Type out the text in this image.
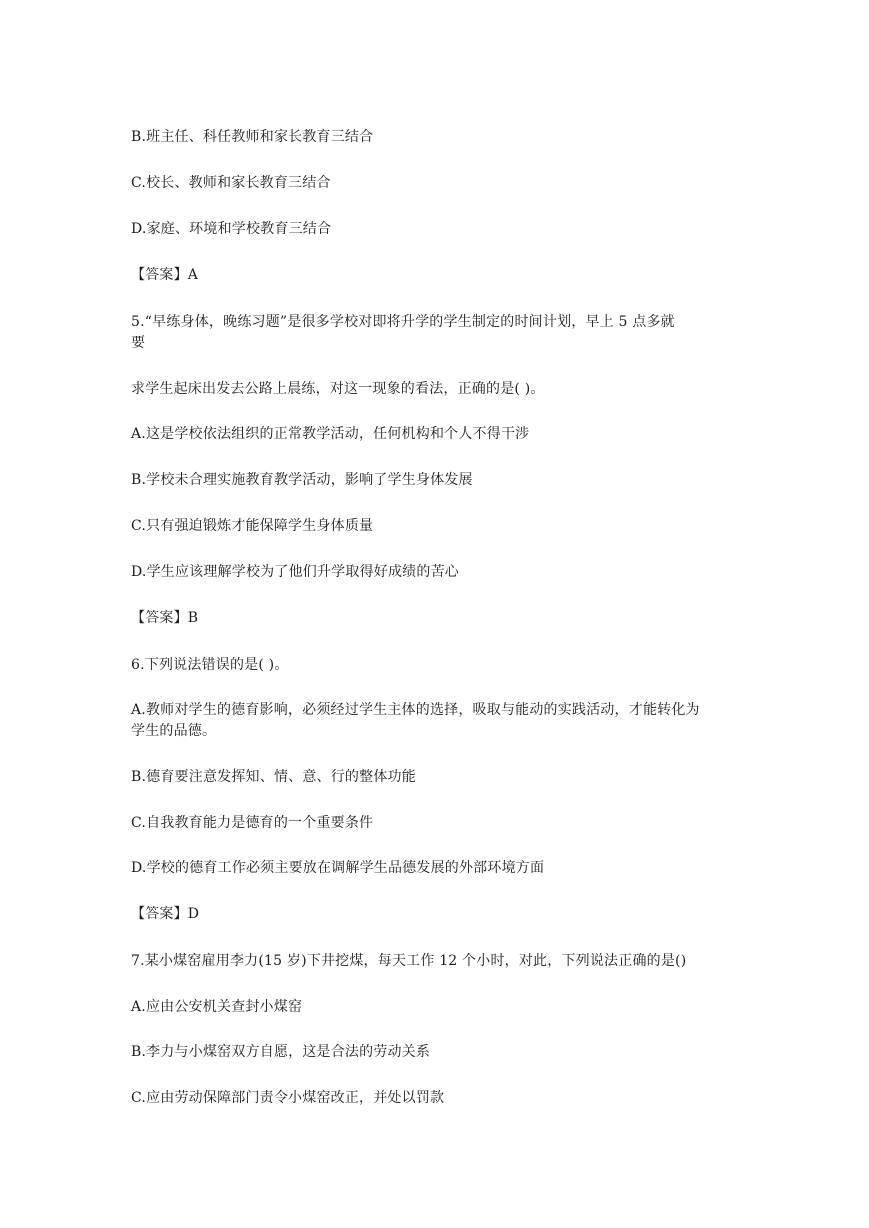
B.班主任、科任教师和家长教育三结合
C.校长、教师和家长教育三结合
D.家庭、环境和学校教育三结合
【答案】A
5.“早练身体，晚练习题”是很多学校对即将升学的学生制定的时间计划，早上 5 点多就
要
求学生起床出发去公路上晨练，对这一现象的看法，正确的是( )。
A.这是学校依法组织的正常教学活动，任何机构和个人不得干涉
B.学校未合理实施教育教学活动，影响了学生身体发展
C.只有强迫锻炼才能保障学生身体质量
D.学生应该理解学校为了他们升学取得好成绩的苦心
【答案】B
6.下列说法错误的是( )。
A.教师对学生的德育影响，必须经过学生主体的选择，吸取与能动的实践活动，才能转化为
学生的品德。
B.德育要注意发挥知、情、意、行的整体功能
C.自我教育能力是德育的一个重要条件
D.学校的德育工作必须主要放在调解学生品德发展的外部环境方面
【答案】D
7.某小煤窑雇用李力(15 岁)下井挖煤，每天工作 12 个小时，对此，下列说法正确的是()
A.应由公安机关查封小煤窑
B.李力与小煤窑双方自愿，这是合法的劳动关系
C.应由劳动保障部门责令小煤窑改正，并处以罚款
